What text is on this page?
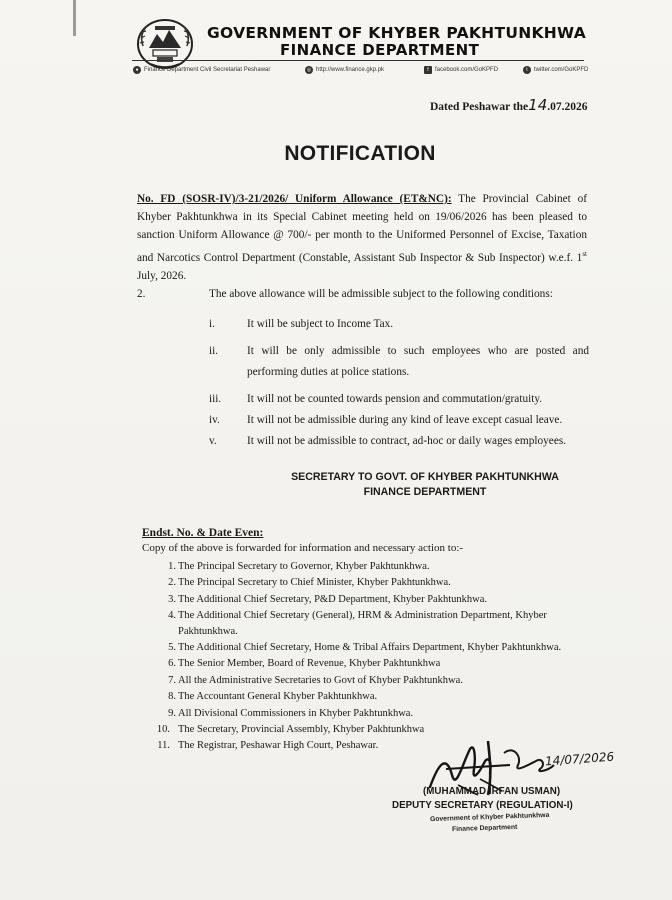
GOVERNMENT OF KHYBER PAKHTUNKHWA
FINANCE DEPARTMENT
● Finance Department Civil Secretariat Peshawar	◎ http://www.finance.gkp.pk	f	facebook.com/GoKPFD	t	twitter.com/GoKPFD
Dated Peshawar the14.07.2026
NOTIFICATION
No. FD (SOSR-IV)/3-21/2026/ Uniform Allowance (ET&NC): The Provincial Cabinet of Khyber Pakhtunkhwa in its Special Cabinet meeting held on 19/06/2026 has been pleased to sanction Uniform Allowance @ 700/- per month to the Uniformed Personnel of Excise, Taxation and Narcotics Control Department (Constable, Assistant Sub Inspector & Sub Inspector) w.e.f. 1st July, 2026.
2.	The above allowance will be admissible subject to the following conditions:
i.	It will be subject to Income Tax.
ii.	It will be only admissible to such employees who are posted and performing duties at police stations.
iii.	It will not be counted towards pension and commutation/gratuity.
iv.	It will not be admissible during any kind of leave except casual leave.
v.	It will not be admissible to contract, ad-hoc or daily wages employees.
SECRETARY TO GOVT. OF KHYBER PAKHTUNKHWA
FINANCE DEPARTMENT
Endst. No. & Date Even:
Copy of the above is forwarded for information and necessary action to:-
1. The Principal Secretary to Governor, Khyber Pakhtunkhwa.
2. The Principal Secretary to Chief Minister, Khyber Pakhtunkhwa.
3. The Additional Chief Secretary, P&D Department, Khyber Pakhtunkhwa.
4. The Additional Chief Secretary (General), HRM & Administration Department, Khyber Pakhtunkhwa.
5. The Additional Chief Secretary, Home & Tribal Affairs Department, Khyber Pakhtunkhwa.
6. The Senior Member, Board of Revenue, Khyber Pakhtunkhwa
7. All the Administrative Secretaries to Govt of Khyber Pakhtunkhwa.
8. The Accountant General Khyber Pakhtunkhwa.
9. All Divisional Commissioners in Khyber Pakhtunkhwa.
10. The Secretary, Provincial Assembly, Khyber Pakhtunkhwa
11. The Registrar, Peshawar High Court, Peshawar.
14/07/2026
(MUHAMMAD IRFAN USMAN)
DEPUTY SECRETARY (REGULATION-I)
Government of Khyber Pakhtunkhwa
Finance Department
